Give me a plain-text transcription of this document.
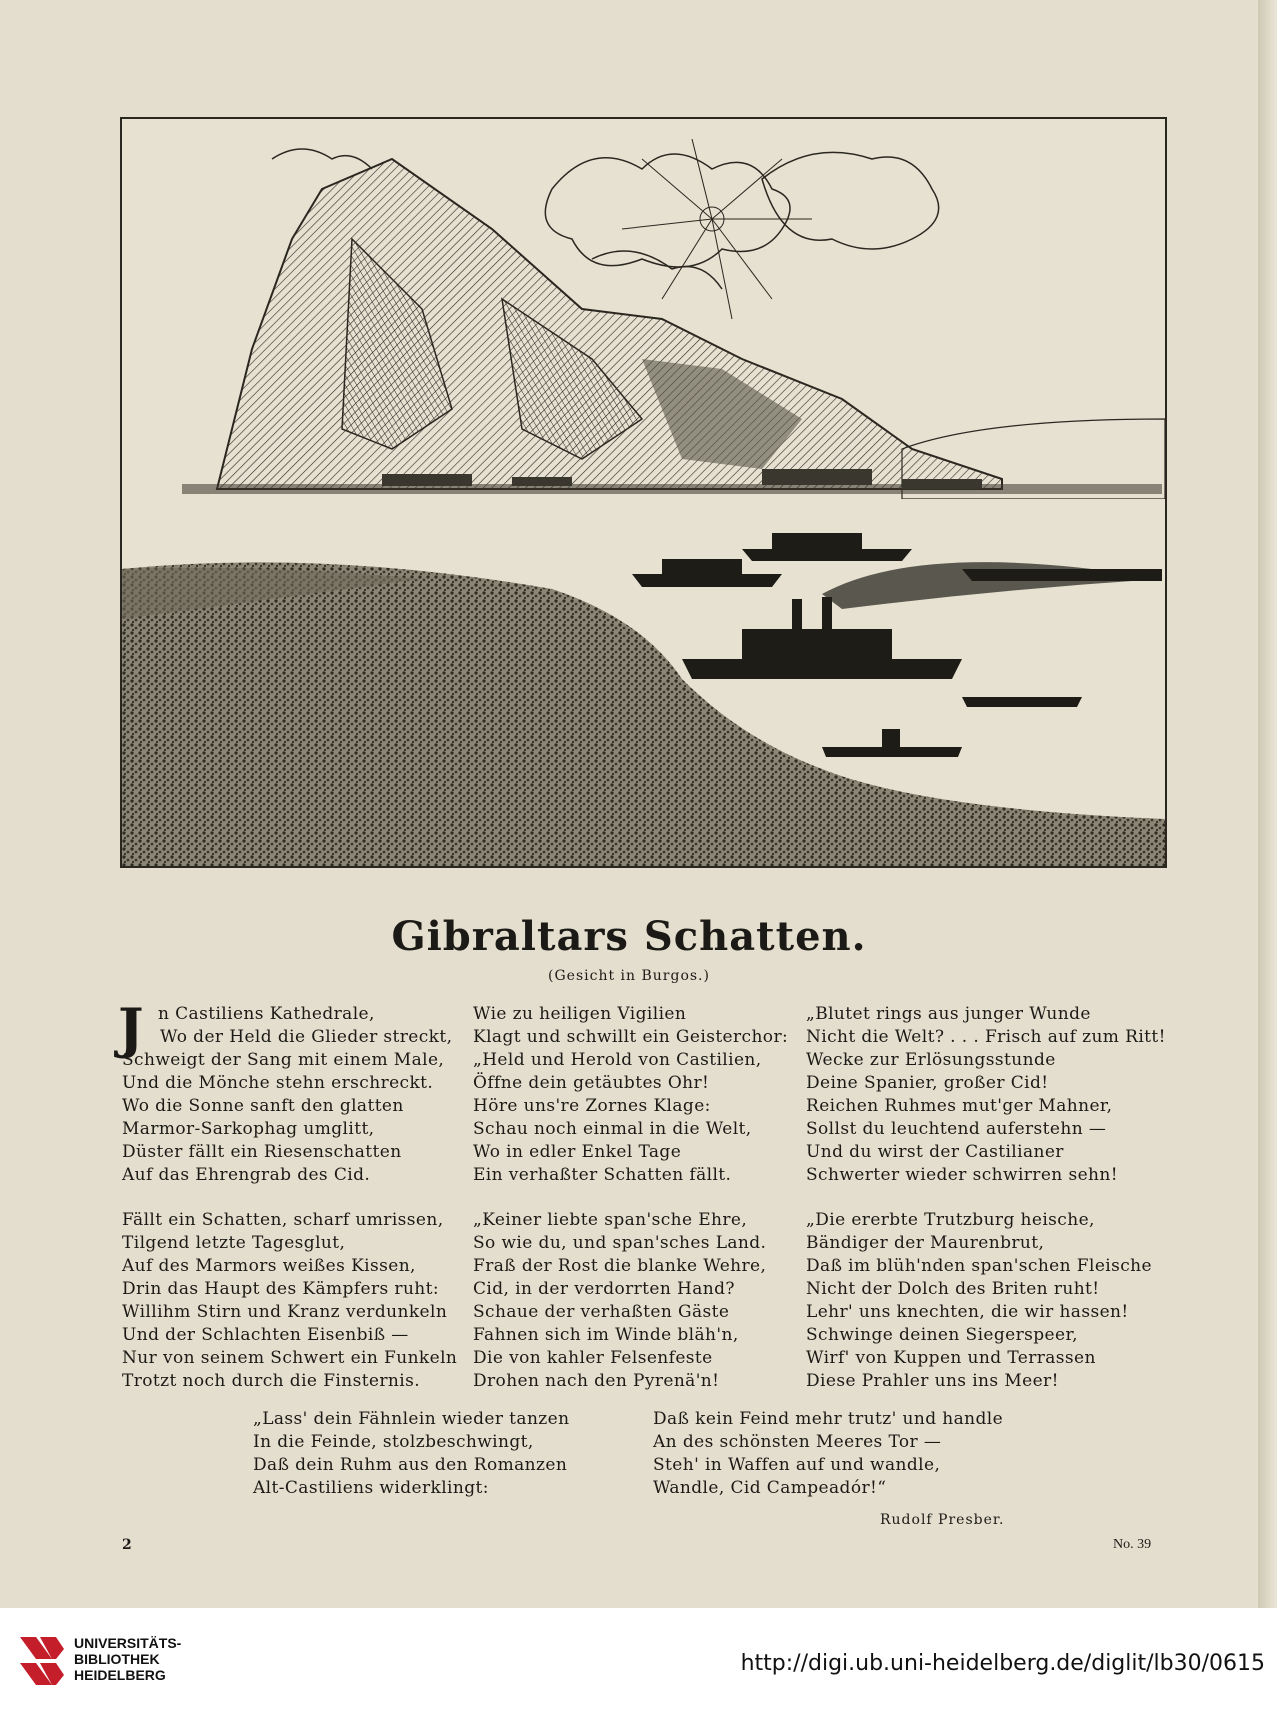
Gibraltars Schatten.
(Gesicht in Burgos.)
J n Castiliens Kathedrale,
Wo der Held die Glieder streckt,
Schweigt der Sang mit einem Male,
Und die Mönche stehn erschreckt.
Wo die Sonne sanft den glatten
Marmor-Sarkophag umglitt,
Düster fällt ein Riesenschatten
Auf das Ehrengrab des Cid.
Fällt ein Schatten, scharf umrissen,
Tilgend letzte Tagesglut,
Auf des Marmors weißes Kissen,
Drin das Haupt des Kämpfers ruht:
Willihm Stirn und Kranz verdunkeln
Und der Schlachten Eisenbiß —
Nur von seinem Schwert ein Funkeln
Trotzt noch durch die Finsternis.
Wie zu heiligen Vigilien
Klagt und schwillt ein Geisterchor:
„Held und Herold von Castilien,
Öffne dein getäubtes Ohr!
Höre uns're Zornes Klage:
Schau noch einmal in die Welt,
Wo in edler Enkel Tage
Ein verhaßter Schatten fällt.
„Keiner liebte span'sche Ehre,
So wie du, und span'sches Land.
Fraß der Rost die blanke Wehre,
Cid, in der verdorrten Hand?
Schaue der verhaßten Gäste
Fahnen sich im Winde bläh'n,
Die von kahler Felsenfeste
Drohen nach den Pyrenä'n!
„Blutet rings aus junger Wunde
Nicht die Welt? . . . Frisch auf zum Ritt!
Wecke zur Erlösungsstunde
Deine Spanier, großer Cid!
Reichen Ruhmes mut'ger Mahner,
Sollst du leuchtend auferstehn —
Und du wirst der Castilianer
Schwerter wieder schwirren sehn!
„Die ererbte Trutzburg heische,
Bändiger der Maurenbrut,
Daß im blüh'nden span'schen Fleische
Nicht der Dolch des Briten ruht!
Lehr' uns knechten, die wir hassen!
Schwinge deinen Siegerspeer,
Wirf' von Kuppen und Terrassen
Diese Prahler uns ins Meer!
„Lass' dein Fähnlein wieder tanzen
In die Feinde, stolzbeschwingt,
Daß dein Ruhm aus den Romanzen
Alt-Castiliens widerklingt:
Daß kein Feind mehr trutz' und handle
An des schönsten Meeres Tor —
Steh' in Waffen auf und wandle,
Wandle, Cid Campeadór!“
Rudolf Presber.
2	No. 39
UNIVERSITÄTS-
BIBLIOTHEK
HEIDELBERG	http://digi.ub.uni-heidelberg.de/diglit/lb30/0615
